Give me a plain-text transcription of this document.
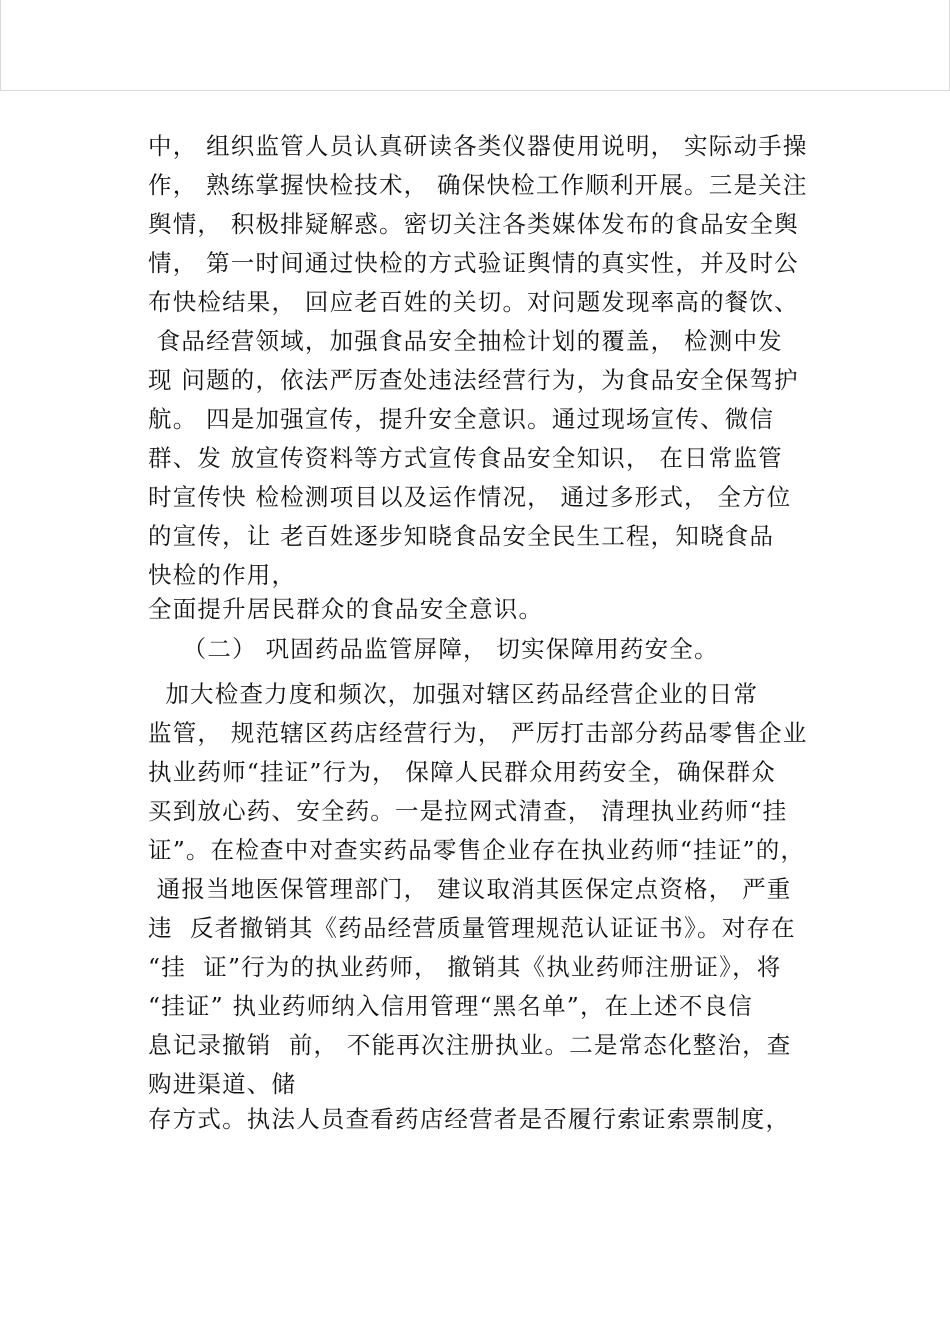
中， 组织监管人员认真研读各类仪器使用说明， 实际动手操
作， 熟练掌握快检技术， 确保快检工作顺利开展。三是关注
舆情， 积极排疑解惑。密切关注各类媒体发布的食品安全舆
情， 第一时间通过快检的方式验证舆情的真实性，并及时公
布快检结果， 回应老百姓的关切。对问题发现率高的餐饮、
食品经营领域，加强食品安全抽检计划的覆盖， 检测中发
现 问题的，依法严厉查处违法经营行为，为食品安全保驾护
航。 四是加强宣传，提升安全意识。通过现场宣传、微信
群、发 放宣传资料等方式宣传食品安全知识， 在日常监管
时宣传快 检检测项目以及运作情况， 通过多形式， 全方位
的宣传，让 老百姓逐步知晓食品安全民生工程，知晓食品
快检的作用，
全面提升居民群众的食品安全意识。
（二） 巩固药品监管屏障， 切实保障用药安全。
加大检查力度和频次，加强对辖区药品经营企业的日常
监管， 规范辖区药店经营行为， 严厉打击部分药品零售企业
执业药师“挂证”行为， 保障人民群众用药安全，确保群众
买到放心药、安全药。一是拉网式清查， 清理执业药师“挂
证”。在检查中对查实药品零售企业存在执业药师“挂证”的，
通报当地医保管理部门， 建议取消其医保定点资格， 严重
违  反者撤销其《药品经营质量管理规范认证证书》。对存在
“挂  证”行为的执业药师， 撤销其《执业药师注册证》，将
“挂证” 执业药师纳入信用管理“黑名单”，在上述不良信
息记录撤销  前， 不能再次注册执业。二是常态化整治，查
购进渠道、储
存方式。执法人员查看药店经营者是否履行索证索票制度，
